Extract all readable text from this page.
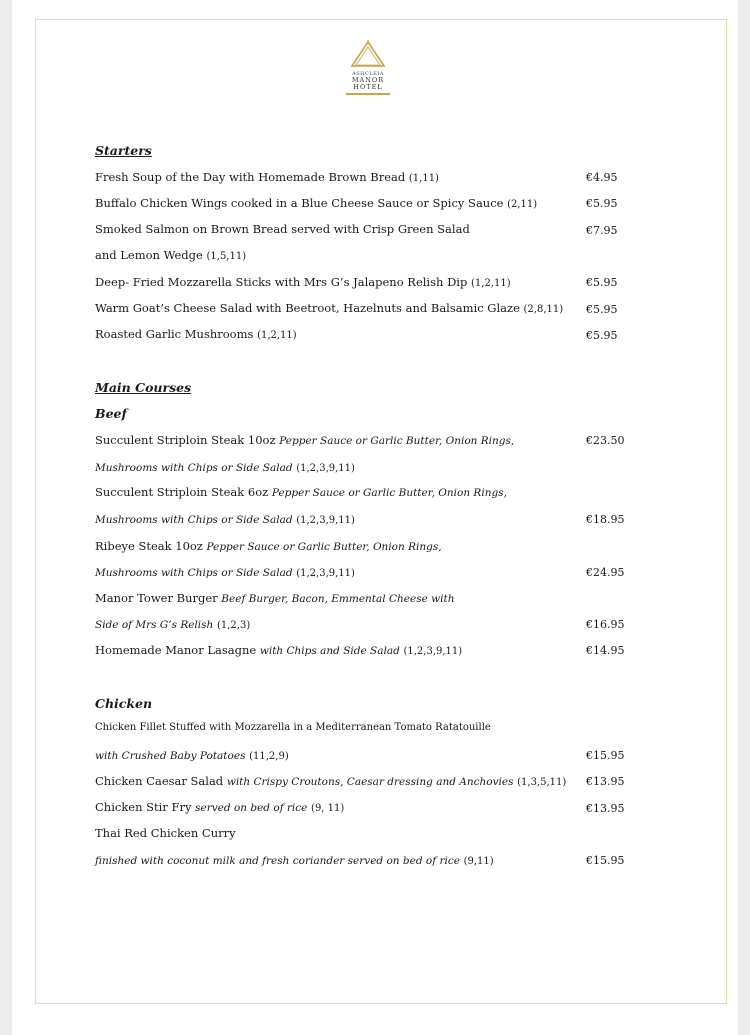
ASHCLEIA
MANOR
HOTEL
Starters
Fresh Soup of the Day with Homemade Brown Bread (1,11)	€4.95
Buffalo Chicken Wings cooked in a Blue Cheese Sauce or Spicy Sauce (2,11)	€5.95
Smoked Salmon on Brown Bread served with Crisp Green Salad	€7.95
and Lemon Wedge (1,5,11)
Deep- Fried Mozzarella Sticks with Mrs G’s Jalapeno Relish Dip (1,2,11)	€5.95
Warm Goat’s Cheese Salad with Beetroot, Hazelnuts and Balsamic Glaze (2,8,11) €5.95
Roasted Garlic Mushrooms (1,2,11)	€5.95
Main Courses
Beef
Succulent Striploin Steak 10oz Pepper Sauce or Garlic Butter, Onion Rings,	€23.50
Mushrooms with Chips or Side Salad (1,2,3,9,11)
Succulent Striploin Steak 6oz Pepper Sauce or Garlic Butter, Onion Rings,
Mushrooms with Chips or Side Salad (1,2,3,9,11)	€18.95
Ribeye Steak 10oz Pepper Sauce or Garlic Butter, Onion Rings,
Mushrooms with Chips or Side Salad (1,2,3,9,11)	€24.95
Manor Tower Burger Beef Burger, Bacon, Emmental Cheese with
Side of Mrs G’s Relish (1,2,3)	€16.95
Homemade Manor Lasagne with Chips and Side Salad (1,2,3,9,11)	€14.95
Chicken
Chicken Fillet Stuffed with Mozzarella in a Mediterranean Tomato Ratatouille
with Crushed Baby Potatoes (11,2,9)	€15.95
Chicken Caesar Salad with Crispy Croutons, Caesar dressing and Anchovies (1,3,5,11) €13.95
Chicken Stir Fry served on bed of rice (9, 11)	€13.95
Thai Red Chicken Curry
finished with coconut milk and fresh coriander served on bed of rice (9,11)	€15.95
